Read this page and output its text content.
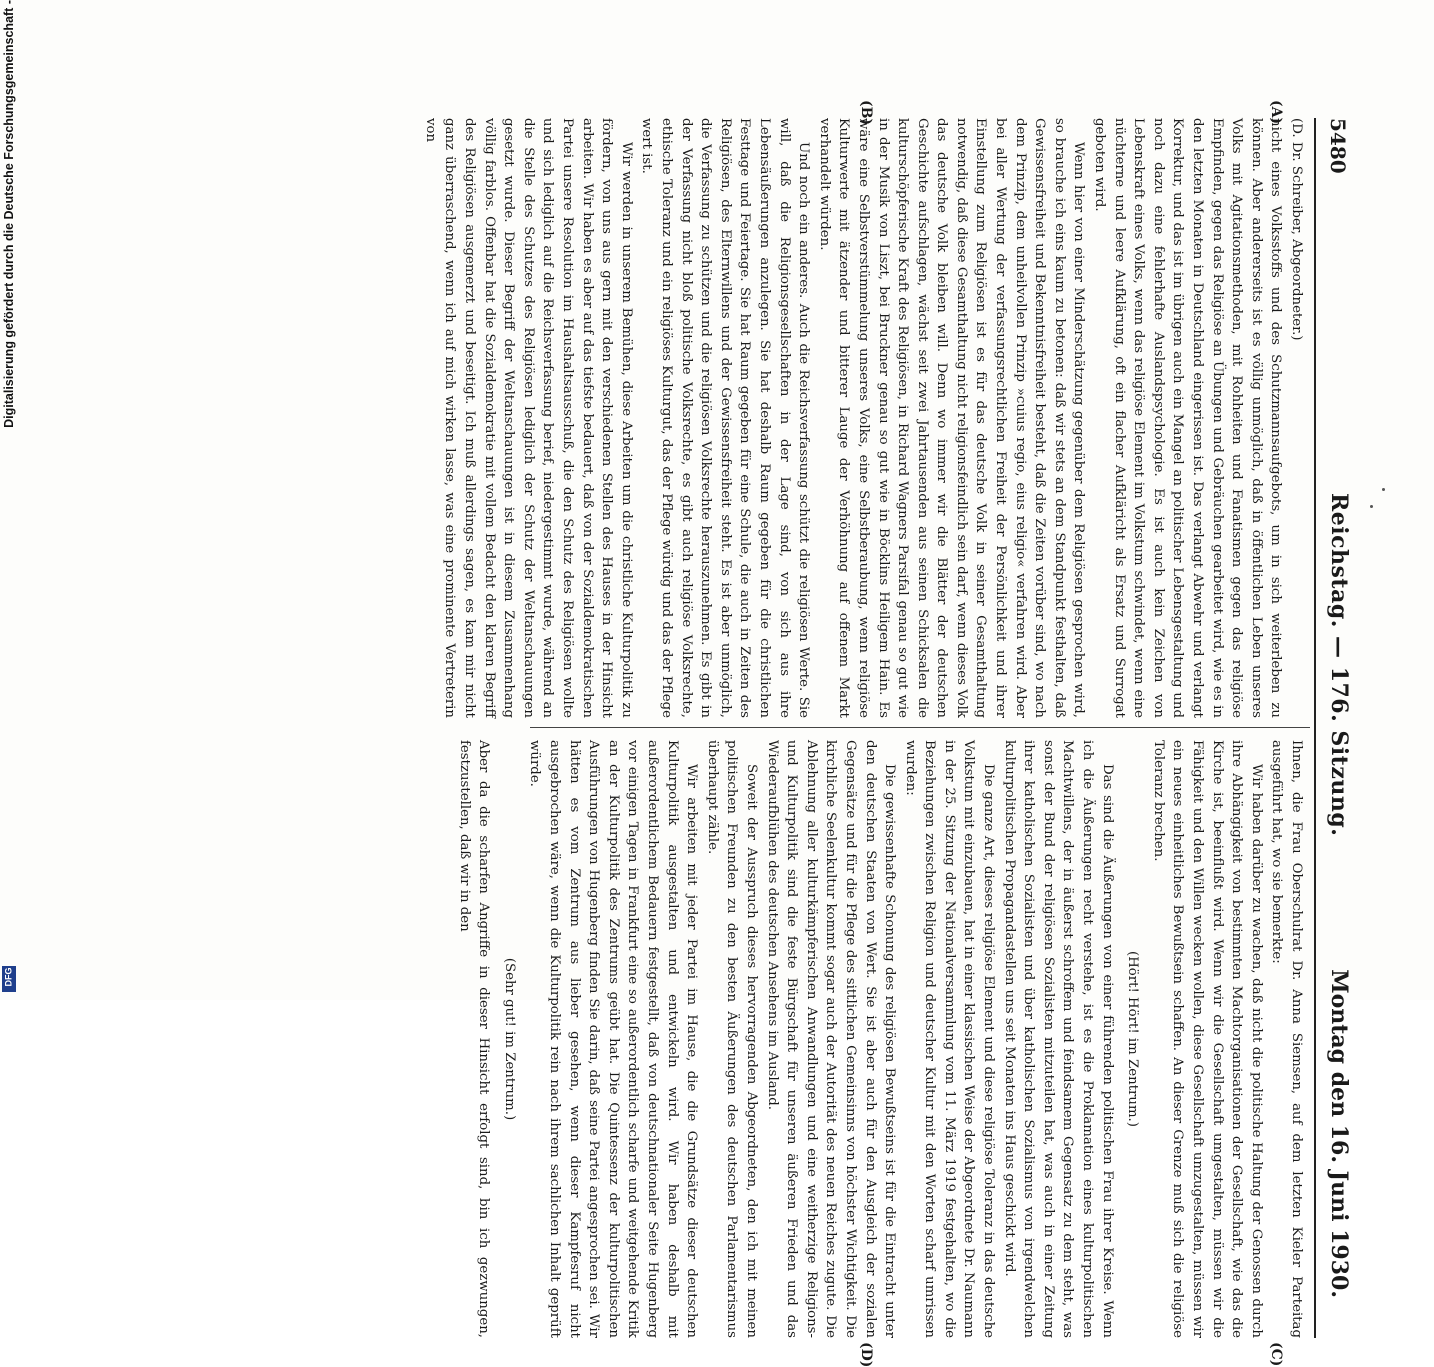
5480
Reichstag. — 176. Sitzung.
Montag den 16. Juni 1930.
(A)
(B)
(C)
(D)

(D. Dr. Schreiber, Abgeordneter.)

nicht eines Volksstoffs und des Schutzmannsaufgebots, um in sich weiterleben zu können. Aber andererseits ist es völlig unmöglich, daß in öffentlichen Leben unseres Volks mit Agitationsmethoden, mit Rohheiten und Fanatismen gegen das religiöse Empfinden, gegen das Religiöse an Übungen und Gebräuchen gearbeitet wird, wie es in den letzten Monaten in Deutschland eingerissen ist. Das verlangt Abwehr und verlangt Korrektur, und das ist im übrigen auch ein Mangel an politischer Lebensgestaltung und noch dazu eine fehlerhafte Auslandspsychologie. Es ist auch kein Zeichen von Lebenskraft eines Volks, wenn das religiöse Element im Volkstum schwindet, wenn eine nüchterne und leere Aufklärung, oft ein flacher Aufkläricht als Ersatz und Surrogat geboten wird.

Wenn hier von einer Minderschätzung gegenüber dem Religiösen gesprochen wird, so brauche ich eins kaum zu betonen: daß wir stets an dem Standpunkt festhalten, daß Gewissensfreiheit und Bekenntnisfreiheit besteht, daß die Zeiten vorüber sind, wo nach dem Prinzip, dem unheilvollen Prinzip »cuius regio, eius religio« verfahren wird. Aber bei aller Wertung der verfassungsrechtlichen Freiheit der Persönlichkeit und ihrer Einstellung zum Religiösen ist es für das deutsche Volk in seiner Gesamthaltung notwendig, daß diese Gesamthaltung nicht religionsfeindlich sein darf, wenn dieses Volk das deutsche Volk bleiben will. Denn wo immer wir die Blätter der deutschen Geschichte aufschlagen, wächst seit zwei Jahrtausenden aus seinen Schicksalen die kulturschöpferische Kraft des Religiösen, in Richard Wagners Parsifal genau so gut wie in der Musik von Liszt, bei Bruckner genau so gut wie in Böcklins Heiligem Hain. Es wäre eine Selbstverstümmelung unseres Volks, eine Selbstberaubung, wenn religiöse Kulturwerte mit ätzender und bitterer Lauge der Verhöhnung auf offenem Markt verhandelt würden.

Und noch ein anderes. Auch die Reichsverfassung schützt die religiösen Werte. Sie will, daß die Religionsgesellschaften in der Lage sind, von sich aus ihre Lebensäußerungen anzulegen. Sie hat deshalb Raum gegeben für die christlichen Festtage und Feiertage. Sie hat Raum gegeben für eine Schule, die auch in Zeiten des Religiösen, des Elternwillens und der Gewissensfreiheit steht. Es ist aber unmöglich, die Verfassung zu schützen und die religiösen Volksrechte herauszunehmen. Es gibt in der Verfassung nicht bloß politische Volksrechte, es gibt auch religiöse Volksrechte, ethische Toleranz und ein religiöses Kulturgut, das der Pflege würdig und das der Pflege wert ist.

Wir werden in unserem Bemühen, diese Arbeiten um die christliche Kulturpolitik zu fördern, von uns aus gern mit den verschiedenen Stellen des Hauses in der Hinsicht arbeiten. Wir haben es aber auf das tiefste bedauert, daß von der Sozialdemokratischen Partei unsere Resolution im Haushaltsausschuß, die den Schutz des Religiösen wollte und sich lediglich auf die Reichsverfassung berief, niedergestimmt wurde, während an die Stelle des Schutzes des Religiösen lediglich der Schutz der Weltanschauungen gesetzt wurde. Dieser Begriff der Weltanschauungen ist in diesem Zusammenhang völlig farblos. Offenbar hat die Sozialdemokratie mit vollem Bedacht den klaren Begriff des Religiösen ausgemerzt und beseitigt. Ich muß allerdings sagen, es kam mir nicht ganz überraschend, wenn ich auf mich wirken lasse, was eine prominente Vertreterin von

Ihnen, die Frau Oberschulrat Dr. Anna Siemsen, auf dem letzten Kieler Parteitag ausgeführt hat, wo sie bemerkte:

Wir haben darüber zu wachen, daß nicht die politische Haltung der Genossen durch ihre Abhängigkeit von bestimmten Machtorganisationen der Gesellschaft, wie das die Kirche ist, beeinflußt wird. Wenn wir die Gesellschaft umgestalten, müssen wir die Fähigkeit und den Willen wecken wollen, diese Gesellschaft umzugestalten, müssen wir ein neues einheitliches Bewußtsein schaffen. An dieser Grenze muß sich die religiöse Toleranz brechen.

(Hört! Hört! im Zentrum.)

Das sind die Äußerungen von einer führenden politischen Frau ihrer Kreise. Wenn ich die Äußerungen recht verstehe, ist es die Proklamation eines kulturpolitischen Machtwillens, der in äußerst schroffem und feindsamem Gegensatz zu dem steht, was sonst der Bund der religiösen Sozialisten mitzuteilen hat, was auch in einer Zeitung ihrer katholischen Sozialisten und über katholischen Sozialismus von irgendwelchen kulturpolitischen Propagandastellen uns seit Monaten ins Haus geschickt wird.

Die ganze Art, dieses religiöse Element und diese religiöse Toleranz in das deutsche Volkstum mit einzubauen, hat in einer klassischen Weise der Abgeordnete Dr. Naumann in der 25. Sitzung der Nationalversammlung vom 11. März 1919 festgehalten, wo die Beziehungen zwischen Religion und deutscher Kultur mit den Worten scharf umrissen wurden:

Die gewissenhafte Schonung des religiösen Bewußtseins ist für die Eintracht unter den deutschen Staaten von Wert. Sie ist aber auch für den Ausgleich der sozialen Gegensätze und für die Pflege des sittlichen Gemeinsinns von höchster Wichtigkeit. Die kirchliche Seelenkultur kommt sogar auch der Autorität des neuen Reiches zugute. Die Ablehnung aller kulturkämpferischen Anwandlungen und eine weitherzige Religions- und Kulturpolitik sind die feste Bürgschaft für unseren äußeren Frieden und das Wiederaufblühen des deutschen Ansehens im Ausland.

Soweit der Ausspruch dieses hervorragenden Abgeordneten, den ich mit meinen politischen Freunden zu den besten Äußerungen des deutschen Parlamentarismus überhaupt zähle.

Wir arbeiten mit jeder Partei im Hause, die die Grundsätze dieser deutschen Kulturpolitik ausgestalten und entwickeln wird. Wir haben deshalb mit außerordentlichem Bedauern festgestellt, daß von deutschnationaler Seite Hugenberg vor einigen Tagen in Frankfurt eine so außerordentlich scharfe und weitgehende Kritik an der Kulturpolitik des Zentrums geübt hat. Die Quintessenz der kulturpolitischen Ausführungen von Hugenberg finden Sie darin, daß seine Partei angesprochen sei. Wir hätten es vom Zentrum aus lieber gesehen, wenn dieser Kampfesruf nicht ausgebrochen wäre, wenn die Kulturpolitik rein nach ihrem sachlichen Inhalt geprüft würde.

(Sehr gut! im Zentrum.)

Aber da die scharfen Angriffe in dieser Hinsicht erfolgt sind, bin ich gezwungen, festzustellen, daß wir in den

Digitalisierung gefördert durch die Deutsche Forschungsgemeinschaft -
DFG
